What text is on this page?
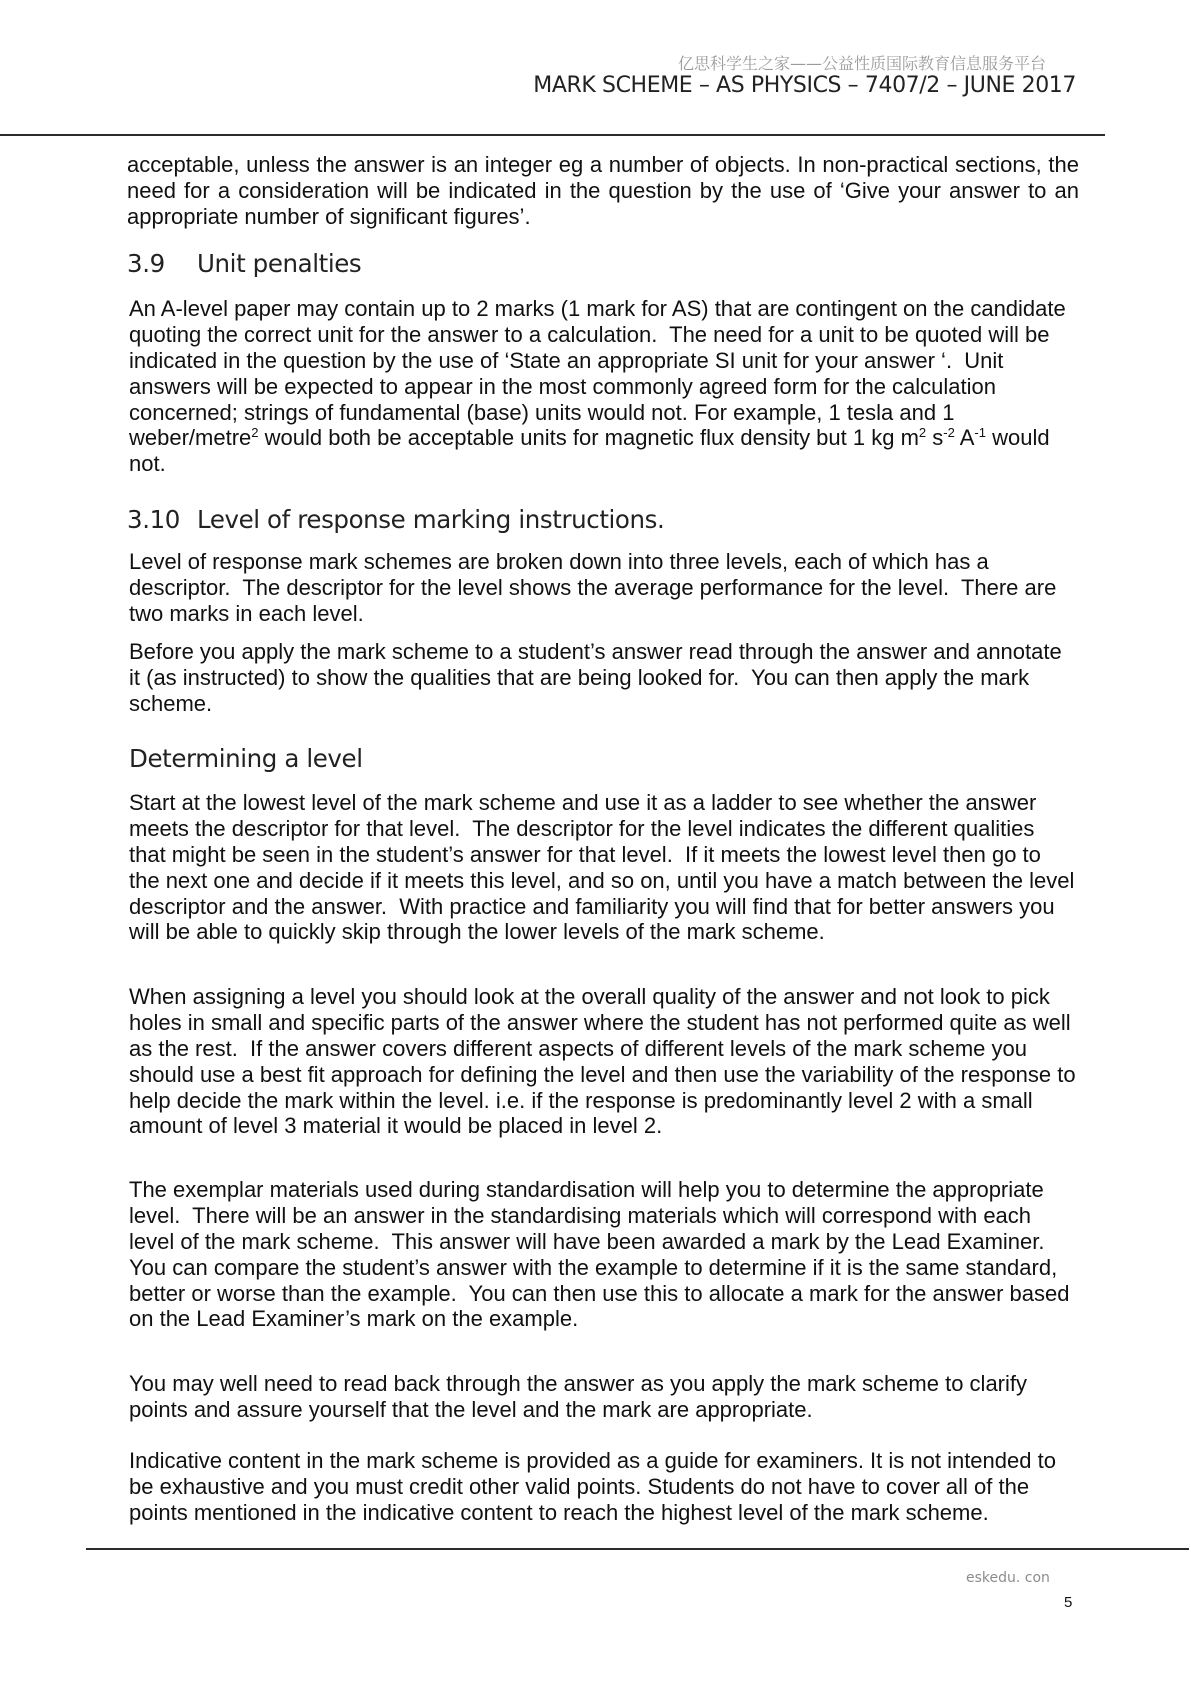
亿思科学生之家——公益性质国际教育信息服务平台
MARK SCHEME – AS PHYSICS – 7407/2 – JUNE 2017
acceptable, unless the answer is an integer eg a number of objects. In non-practical sections, the
need for a consideration will be indicated in the question by the use of ‘Give your answer to an
appropriate number of significant figures’.
3.9 Unit penalties
An A-level paper may contain up to 2 marks (1 mark for AS) that are contingent on the candidate
quoting the correct unit for the answer to a calculation.  The need for a unit to be quoted will be
indicated in the question by the use of ‘State an appropriate SI unit for your answer ‘.  Unit
answers will be expected to appear in the most commonly agreed form for the calculation
concerned; strings of fundamental (base) units would not. For example, 1 tesla and 1
weber/metre$^2$ would both be acceptable units for magnetic flux density but 1 kg $m^2$ $s^{-2}$ $A^{-1}$ would
not.
3.10 Level of response marking instructions.
Level of response mark schemes are broken down into three levels, each of which has a
descriptor.  The descriptor for the level shows the average performance for the level.  There are
two marks in each level.
Before you apply the mark scheme to a student’s answer read through the answer and annotate
it (as instructed) to show the qualities that are being looked for.  You can then apply the mark
scheme.
Determining a level
Start at the lowest level of the mark scheme and use it as a ladder to see whether the answer
meets the descriptor for that level.  The descriptor for the level indicates the different qualities
that might be seen in the student’s answer for that level.  If it meets the lowest level then go to
the next one and decide if it meets this level, and so on, until you have a match between the level
descriptor and the answer.  With practice and familiarity you will find that for better answers you
will be able to quickly skip through the lower levels of the mark scheme.
When assigning a level you should look at the overall quality of the answer and not look to pick
holes in small and specific parts of the answer where the student has not performed quite as well
as the rest.  If the answer covers different aspects of different levels of the mark scheme you
should use a best fit approach for defining the level and then use the variability of the response to
help decide the mark within the level. i.e. if the response is predominantly level 2 with a small
amount of level 3 material it would be placed in level 2.
The exemplar materials used during standardisation will help you to determine the appropriate
level.  There will be an answer in the standardising materials which will correspond with each
level of the mark scheme.  This answer will have been awarded a mark by the Lead Examiner.
You can compare the student’s answer with the example to determine if it is the same standard,
better or worse than the example.  You can then use this to allocate a mark for the answer based
on the Lead Examiner’s mark on the example.
You may well need to read back through the answer as you apply the mark scheme to clarify
points and assure yourself that the level and the mark are appropriate.
Indicative content in the mark scheme is provided as a guide for examiners. It is not intended to
be exhaustive and you must credit other valid points. Students do not have to cover all of the
points mentioned in the indicative content to reach the highest level of the mark scheme.
eskedu. con
5
